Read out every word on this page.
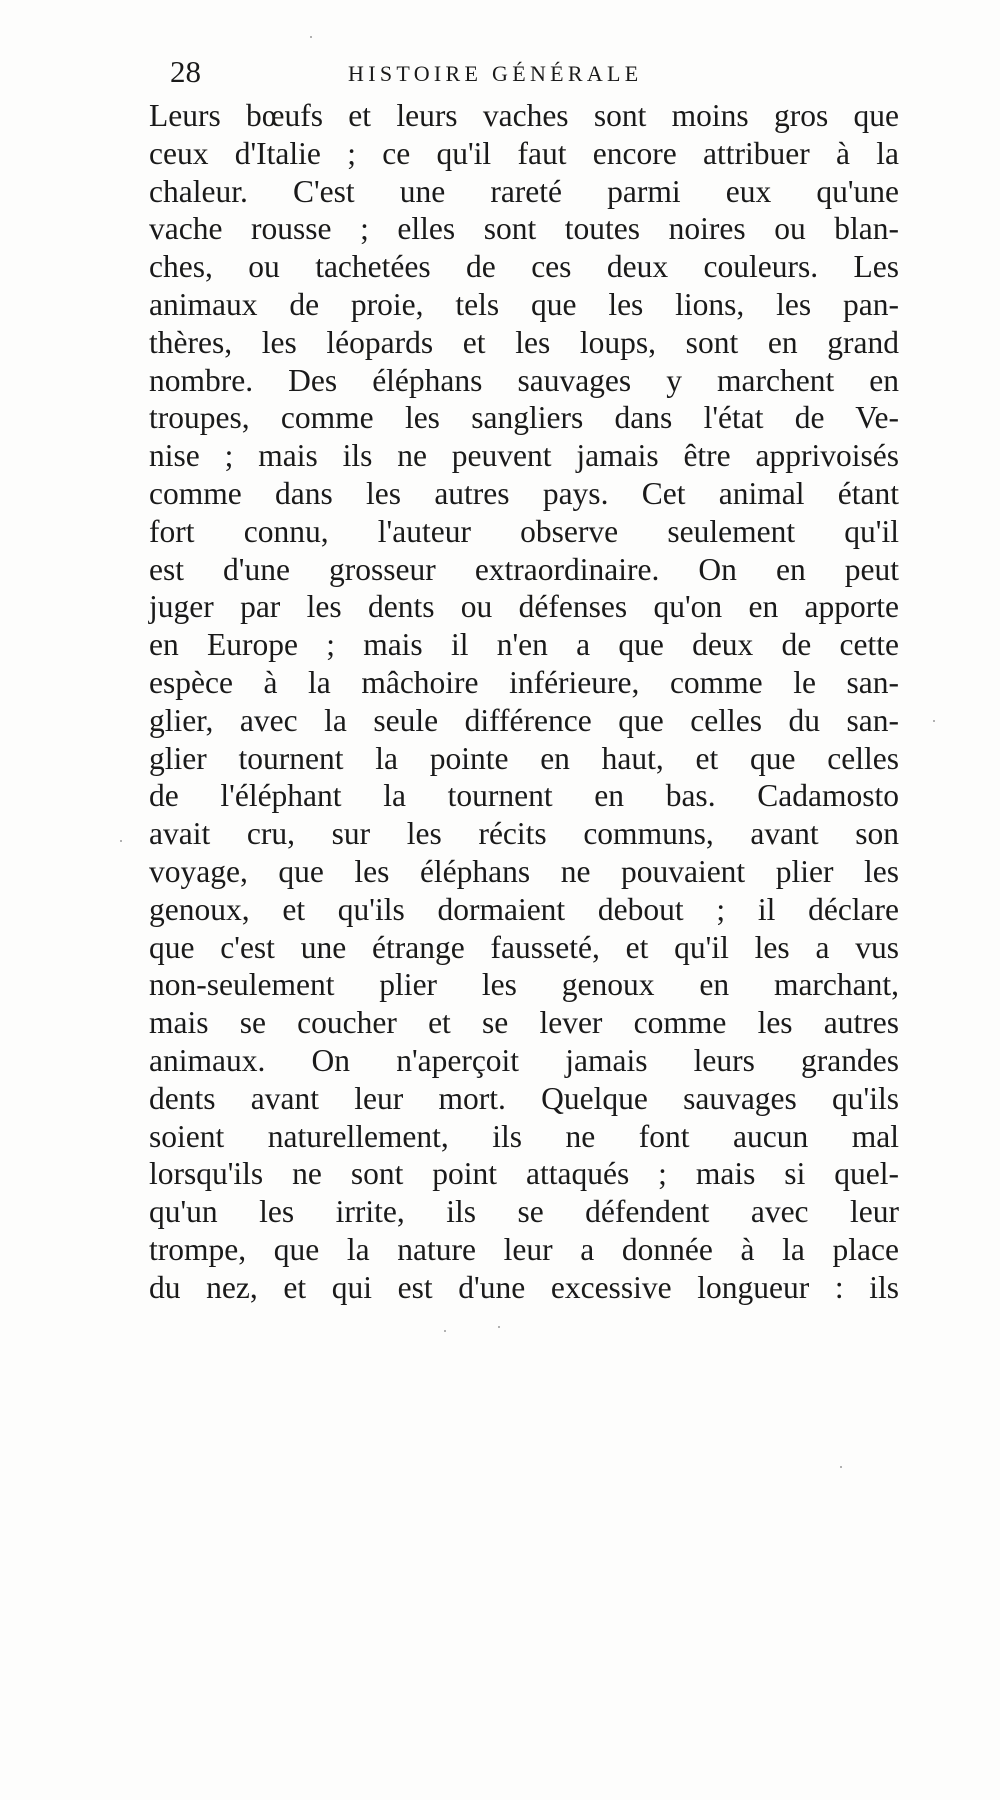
28	HISTOIRE GÉNÉRALE
Leurs bœufs et leurs vaches sont moins gros que
ceux d'Italie ; ce qu'il faut encore attribuer à la
chaleur. C'est une rareté parmi eux qu'une
vache rousse ; elles sont toutes noires ou blan-
ches, ou tachetées de ces deux couleurs. Les
animaux de proie, tels que les lions, les pan-
thères, les léopards et les loups, sont en grand
nombre. Des éléphans sauvages y marchent en
troupes, comme les sangliers dans l'état de Ve-
nise ; mais ils ne peuvent jamais être apprivoisés
comme dans les autres pays. Cet animal étant
fort connu, l'auteur observe seulement qu'il
est d'une grosseur extraordinaire. On en peut
juger par les dents ou défenses qu'on en apporte
en Europe ; mais il n'en a que deux de cette
espèce à la mâchoire inférieure, comme le san-
glier, avec la seule différence que celles du san-
glier tournent la pointe en haut, et que celles
de l'éléphant la tournent en bas. Cadamosto
avait cru, sur les récits communs, avant son
voyage, que les éléphans ne pouvaient plier les
genoux, et qu'ils dormaient debout ; il déclare
que c'est une étrange fausseté, et qu'il les a vus
non-seulement plier les genoux en marchant,
mais se coucher et se lever comme les autres
animaux. On n'aperçoit jamais leurs grandes
dents avant leur mort. Quelque sauvages qu'ils
soient naturellement, ils ne font aucun mal
lorsqu'ils ne sont point attaqués ; mais si quel-
qu'un les irrite, ils se défendent avec leur
trompe, que la nature leur a donnée à la place
du nez, et qui est d'une excessive longueur : ils
